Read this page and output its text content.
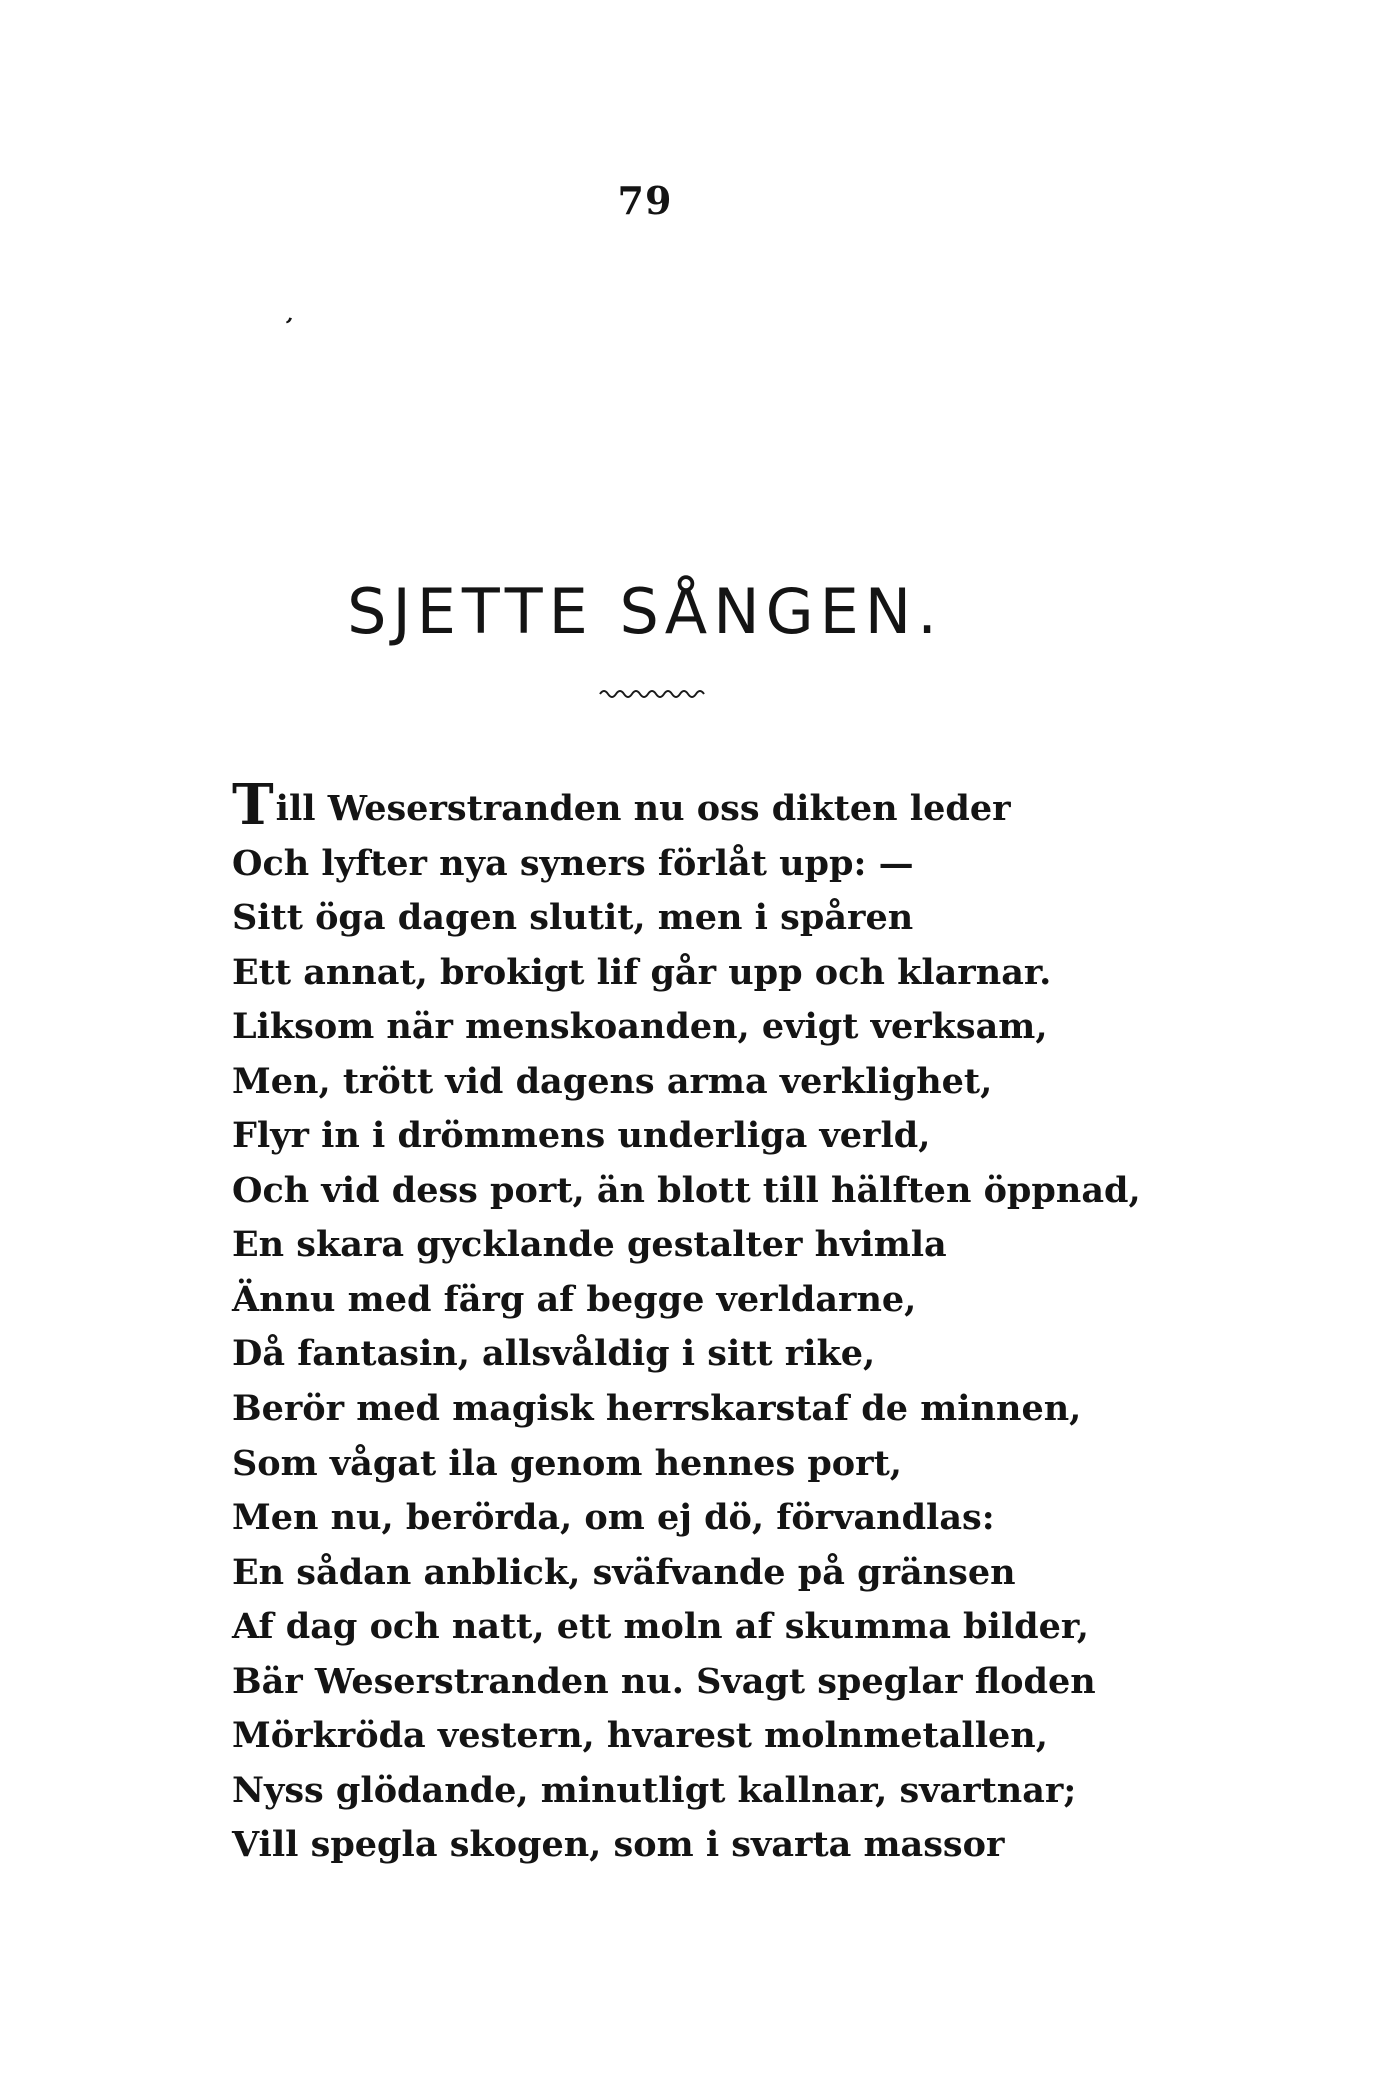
79
,
SJETTE SÅNGEN.
Till Weserstranden nu oss dikten leder
Och lyfter nya syners förlåt upp: —
Sitt öga dagen slutit, men i spåren
Ett annat, brokigt lif går upp och klarnar.
Liksom när menskoanden, evigt verksam,
Men, trött vid dagens arma verklighet,
Flyr in i drömmens underliga verld,
Och vid dess port, än blott till hälften öppnad,
En skara gycklande gestalter hvimla
Ännu med färg af begge verldarne,
Då fantasin, allsvåldig i sitt rike,
Berör med magisk herrskarstaf de minnen,
Som vågat ila genom hennes port,
Men nu, berörda, om ej dö, förvandlas:
En sådan anblick, sväfvande på gränsen
Af dag och natt, ett moln af skumma bilder,
Bär Weserstranden nu. Svagt speglar floden
Mörkröda vestern, hvarest molnmetallen,
Nyss glödande, minutligt kallnar, svartnar;
Vill spegla skogen, som i svarta massor
